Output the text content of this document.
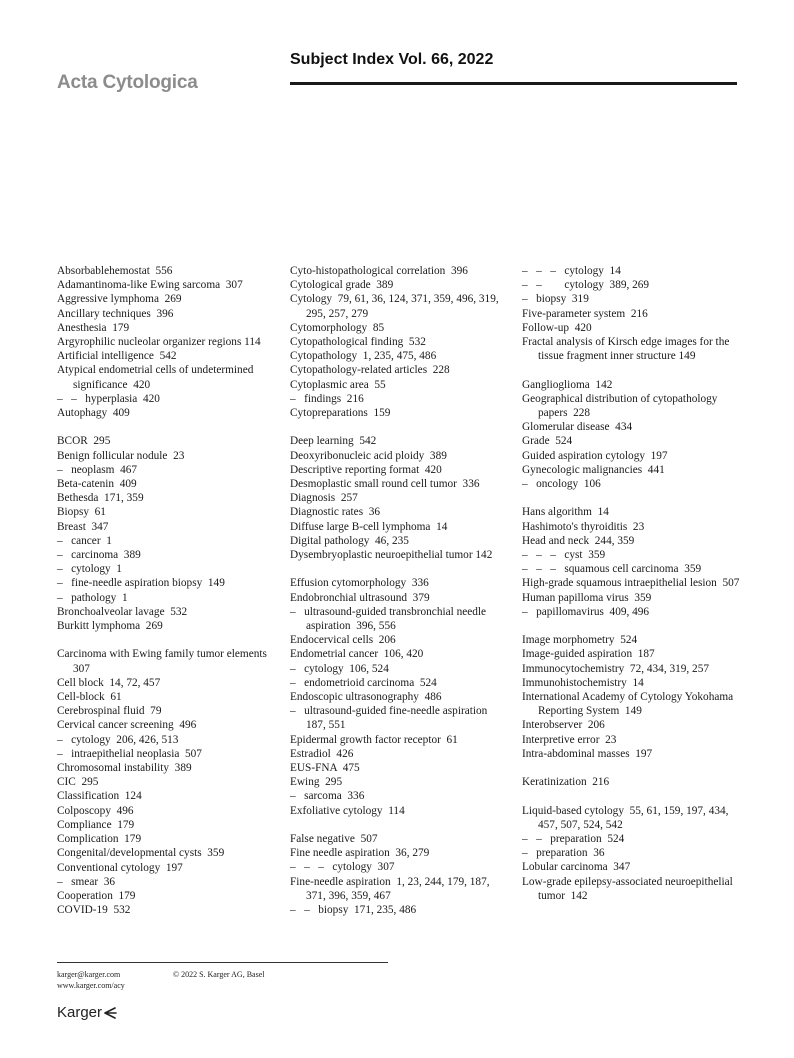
Acta Cytologica
Subject Index Vol. 66, 2022
Absorbablehemostat  556
Adamantinoma-like Ewing sarcoma  307
Aggressive lymphoma  269
Ancillary techniques  396
Anesthesia  179
Argyrophilic nucleolar organizer regions 114
Artificial intelligence  542
Atypical endometrial cells of undetermined significance  420
–   –   hyperplasia  420
Autophagy  409
BCOR  295
Benign follicular nodule  23
–   neoplasm  467
Beta-catenin  409
Bethesda  171, 359
Biopsy  61
Breast  347
–   cancer  1
–   carcinoma  389
–   cytology  1
–   fine-needle aspiration biopsy  149
–   pathology  1
Bronchoalveolar lavage  532
Burkitt lymphoma  269
Carcinoma with Ewing family tumor elements  307
Cell block  14, 72, 457
Cell-block  61
Cerebrospinal fluid  79
Cervical cancer screening  496
–   cytology  206, 426, 513
–   intraepithelial neoplasia  507
Chromosomal instability  389
CIC  295
Classification  124
Colposcopy  496
Compliance  179
Complication  179
Congenital/developmental cysts  359
Conventional cytology  197
–   smear  36
Cooperation  179
COVID-19  532
Cyto-histopathological correlation  396
Cytological grade  389
Cytology  79, 61, 36, 124, 371, 359, 496, 319, 295, 257, 279
Cytomorphology  85
Cytopathological finding  532
Cytopathology  1, 235, 475, 486
Cytopathology-related articles  228
Cytoplasmic area  55
–   findings  216
Cytopreparations  159
Deep learning  542
Deoxyribonucleic acid ploidy  389
Descriptive reporting format  420
Desmoplastic small round cell tumor  336
Diagnosis  257
Diagnostic rates  36
Diffuse large B-cell lymphoma  14
Digital pathology  46, 235
Dysembryoplastic neuroepithelial tumor 142
Effusion cytomorphology  336
Endobronchial ultrasound  379
–   ultrasound-guided transbronchial needle aspiration  396, 556
Endocervical cells  206
Endometrial cancer  106, 420
–   cytology  106, 524
–   endometrioid carcinoma  524
Endoscopic ultrasonography  486
–   ultrasound-guided fine-needle aspiration  187, 551
Epidermal growth factor receptor  61
Estradiol  426
EUS-FNA  475
Ewing  295
–   sarcoma  336
Exfoliative cytology  114
False negative  507
Fine needle aspiration  36, 279
–   –   –   cytology  307
Fine-needle aspiration  1, 23, 244, 179, 187, 371, 396, 359, 467
–   –   biopsy  171, 235, 486
–   –   –   cytology  14
–   –        cytology  389, 269
–   biopsy  319
Five-parameter system  216
Follow-up  420
Fractal analysis of Kirsch edge images for the tissue fragment inner structure 149
Ganglioglioma  142
Geographical distribution of cytopathology papers  228
Glomerular disease  434
Grade  524
Guided aspiration cytology  197
Gynecologic malignancies  441
–   oncology  106
Hans algorithm  14
Hashimoto's thyroiditis  23
Head and neck  244, 359
–   –   –   cyst  359
–   –   –   squamous cell carcinoma  359
High-grade squamous intraepithelial lesion  507
Human papilloma virus  359
–   papillomavirus  409, 496
Image morphometry  524
Image-guided aspiration  187
Immunocytochemistry  72, 434, 319, 257
Immunohistochemistry  14
International Academy of Cytology Yokohama Reporting System  149
Interobserver  206
Interpretive error  23
Intra-abdominal masses  197
Keratinization  216
Liquid-based cytology  55, 61, 159, 197, 434, 457, 507, 524, 542
–   –   preparation  524
–   preparation  36
Lobular carcinoma  347
Low-grade epilepsy-associated neuroepithelial tumor  142
karger@karger.com
www.karger.com/acy
© 2022 S. Karger AG, Basel
Karger
